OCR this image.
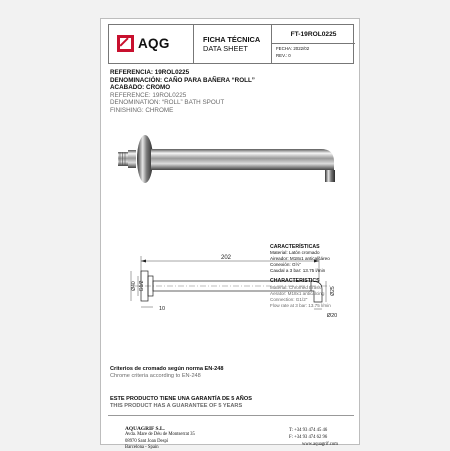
AQG	FICHA TÉCNICA
DATA SHEET
FT-19ROL0225
FECHA: 2022/02
REV.: 0
REFERENCIA: 19ROL0225
DENOMINACIÓN: CAÑO PARA BAÑERA “ROLL”
ACABADO: CROMO
REFERENCE: 19ROL0225
DENOMINATION: “ROLL” BATH SPOUT
FINISHING: CHROME
202
Ø40 G1/2
10
Ø25
Ø20
CARACTERÍSTICAS
Material: Latón cromado
Aireador: M18x1 anticalcáreo
Conexión: G½"
Caudal a 3 bar: 13.75 l/min
CHARACTERISTICS
Material: Chromed Brass
Aerator: M18x1 anticalcing
Connection: G1/2"
Flow rate at 3 bar: 13.75 l/min
Criterios de cromado según norma EN-248
Chrome criteria according to EN-248
ESTE PRODUCTO TIENE UNA GARANTÍA DE 5 AÑOS
THIS PRODUCT HAS A GUARANTEE OF 5 YEARS
AQUAGRIF S.L.
Avda. Mare de Déu de Montserrat 35
08970 Sant Joan Despí
Barcelona - Spain
T: +34 93 474 45 46
F: +34 93 474 62 96
www.aquagrif.com
